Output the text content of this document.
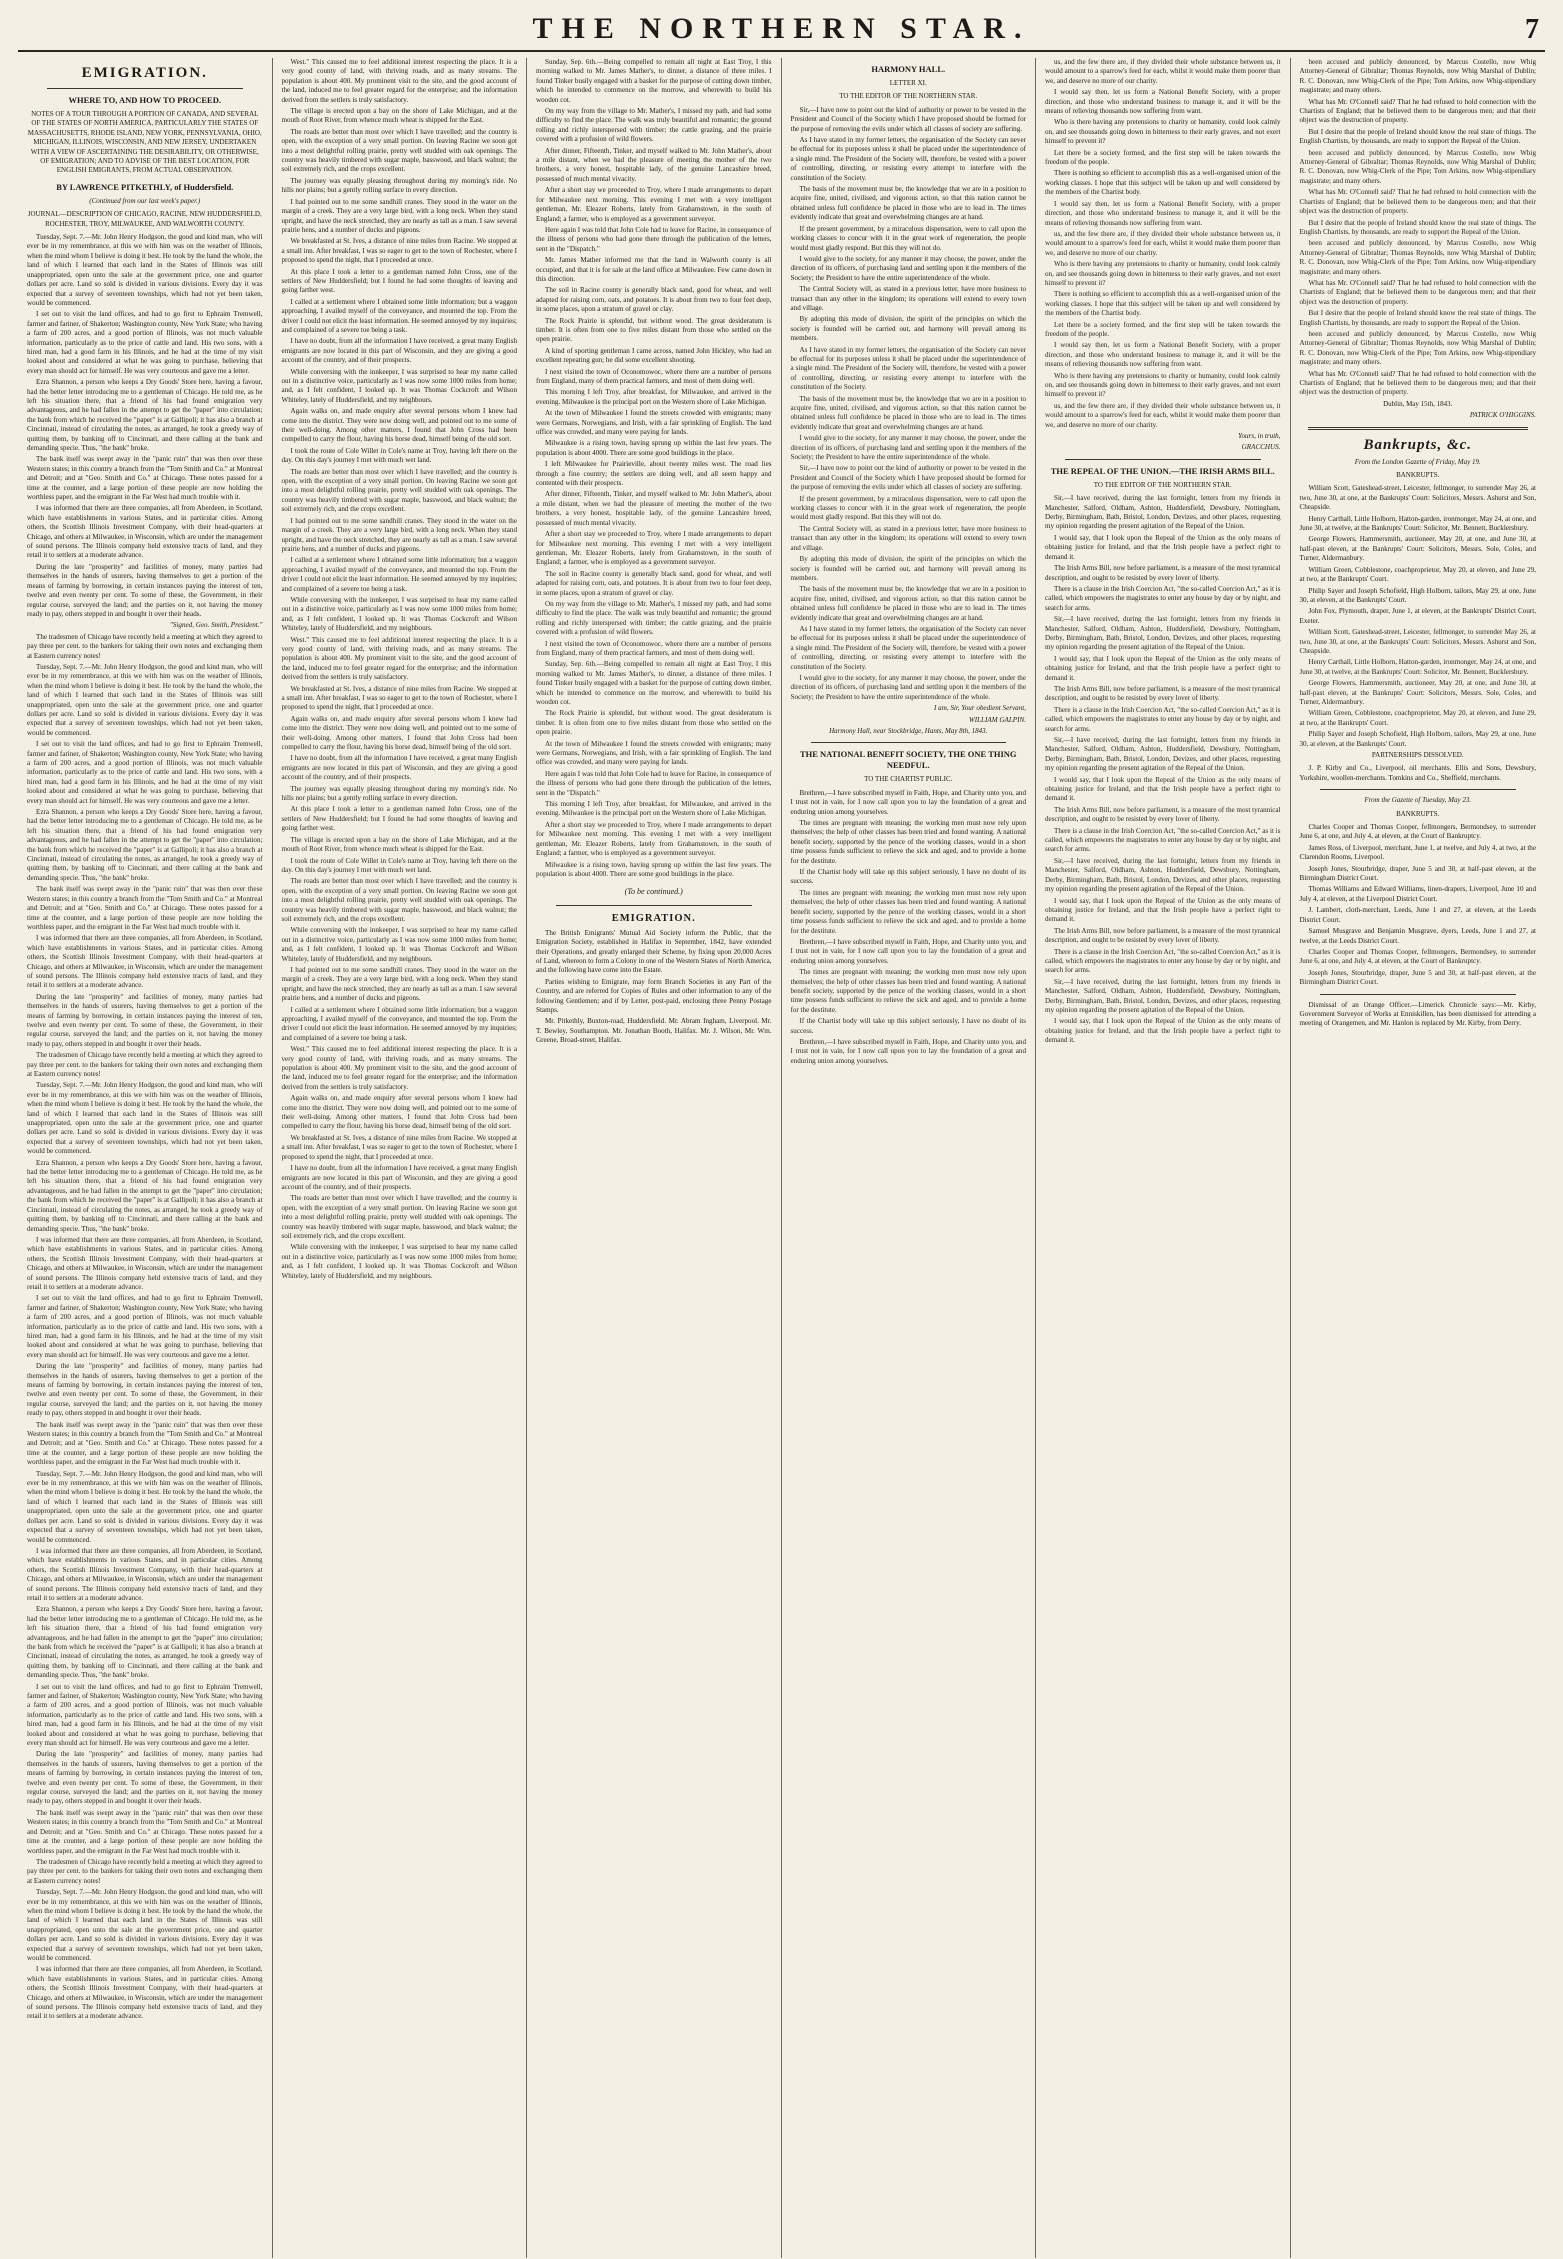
THE NORTHERN STAR.	7
EMIGRATION.
WHERE TO, AND HOW TO PROCEED.
NOTES OF A TOUR THROUGH A PORTION OF CANADA, AND SEVERAL OF THE STATES OF NORTH AMERICA, PARTICULARLY THE STATES OF MASSACHUSETTS, RHODE ISLAND, NEW YORK, PENNSYLVANIA, OHIO, MICHIGAN, ILLINOIS, WISCONSIN, AND NEW JERSEY, UNDERTAKEN WITH A VIEW OF ASCERTAINING THE DESIRABILITY, OR OTHERWISE, OF EMIGRATION; AND TO ADVISE OF THE BEST LOCATION, FOR ENGLISH EMIGRANTS, FROM ACTUAL OBSERVATION.
BY LAWRENCE PITKETHLY, of Huddersfield.
(Continued from our last week's paper.)
JOURNAL—DESCRIPTION OF CHICAGO, RACINE, NEW HUDDERSFIELD, ROCHESTER, TROY, MILWAUKEE, AND WALWORTH COUNTY.

Tuesday, Sept. 7.—Mr. John Henry Hodgson, the good and kind man, who will ever be in my remembrance, at this we with him was on the weather of Illinois, when the mind whom I believe is doing it best. He took by the hand the whole, the land of which I learned that each land in the States of Illinois was still unappropriated, open unto the sale at the government price, one and quarter dollars per acre. Land so sold is divided in various divisions. Every day it was expected that a survey of seventeen townships, which had not yet been taken, would be commenced.

I set out to visit the land offices, and had to go first to Ephraim Tremwell, farmer and fariner, of Shakerton; Washington county, New York State; who having a farm of 200 acres, and a good portion of Illinois, was not much valuable information, particularly as to the price of cattle and land. His two sons, with a hired man, had a good farm in his Illinois, and he had at the time of my visit looked about and considered at what he was going to purchase, believing that every man should act for himself. He was very courteous and gave me a letter.

Ezra Shannon, a person who keeps a Dry Goods' Store here, having a favour, had the better letter introducing me to a gentleman of Chicago. He told me, as he left his situation there, that a friend of his had found emigration very advantageous, and he had fallen in the attempt to get the "paper" into circulation; the bank from which he received the "paper" is at Gallipoli; it has also a branch at Cincinnati, instead of circulating the notes, as arranged, he took a greedy way of quitting them, by banking off to Cincinnati, and there calling at the bank and demanding specie. Thus, "the bank" broke.

The bank itself was swept away in the "panic ruin" that was then over these Western states; in this country a branch from the "Tom Smith and Co." at Montreal and Detroit; and at "Geo. Smith and Co." at Chicago. These notes passed for a time at the counter, and a large portion of these people are now holding the worthless paper, and the emigrant in the Far West had much trouble with it.

I was informed that there are three companies, all from Aberdeen, in Scotland, which have establishments in various States, and in particular cities. Among others, the Scottish Illinois Investment Company, with their head-quarters at Chicago, and others at Milwaukee, in Wisconsin, which are under the management of sound persons. The Illinois company held extensive tracts of land, and they retail it to settlers at a moderate advance.

During the late "prosperity" and facilities of money, many parties had themselves in the hands of usurers, having themselves to get a portion of the means of farming by borrowing, in certain instances paying the interest of ten, twelve and even twenty per cent. To some of these, the Government, in their regular course, surveyed the land; and the parties on it, not having the money ready to pay, others stepped in and bought it over their heads.

"Signed, Geo. Smith, President."

The tradesmen of Chicago have recently held a meeting at which they agreed to pay three per cent. to the bankers for taking their own notes and exchanging them at Eastern currency notes!

Tuesday, Sept. 7.—Mr. John Henry Hodgson, the good and kind man, who will ever be in my remembrance, at this we with him was on the weather of Illinois, when the mind whom I believe is doing it best. He took by the hand the whole, the land of which I learned that each land in the States of Illinois was still unappropriated, open unto the sale at the government price, one and quarter dollars per acre. Land so sold is divided in various divisions. Every day it was expected that a survey of seventeen townships, which had not yet been taken, would be commenced.

I set out to visit the land offices, and had to go first to Ephraim Tremwell, farmer and fariner, of Shakerton; Washington county, New York State; who having a farm of 200 acres, and a good portion of Illinois, was not much valuable information, particularly as to the price of cattle and land. His two sons, with a hired man, had a good farm in his Illinois, and he had at the time of my visit looked about and considered at what he was going to purchase, believing that every man should act for himself. He was very courteous and gave me a letter.

Ezra Shannon, a person who keeps a Dry Goods' Store here, having a favour, had the better letter introducing me to a gentleman of Chicago. He told me, as he left his situation there, that a friend of his had found emigration very advantageous, and he had fallen in the attempt to get the "paper" into circulation; the bank from which he received the "paper" is at Gallipoli; it has also a branch at Cincinnati, instead of circulating the notes, as arranged, he took a greedy way of quitting them, by banking off to Cincinnati, and there calling at the bank and demanding specie. Thus, "the bank" broke.

The bank itself was swept away in the "panic ruin" that was then over these Western states; in this country a branch from the "Tom Smith and Co." at Montreal and Detroit; and at "Geo. Smith and Co." at Chicago. These notes passed for a time at the counter, and a large portion of these people are now holding the worthless paper, and the emigrant in the Far West had much trouble with it.

I was informed that there are three companies, all from Aberdeen, in Scotland, which have establishments in various States, and in particular cities. Among others, the Scottish Illinois Investment Company, with their head-quarters at Chicago, and others at Milwaukee, in Wisconsin, which are under the management of sound persons. The Illinois company held extensive tracts of land, and they retail it to settlers at a moderate advance.

During the late "prosperity" and facilities of money, many parties had themselves in the hands of usurers, having themselves to get a portion of the means of farming by borrowing, in certain instances paying the interest of ten, twelve and even twenty per cent. To some of these, the Government, in their regular course, surveyed the land; and the parties on it, not having the money ready to pay, others stepped in and bought it over their heads.

The tradesmen of Chicago have recently held a meeting at which they agreed to pay three per cent. to the bankers for taking their own notes and exchanging them at Eastern currency notes!

Tuesday, Sept. 7.—Mr. John Henry Hodgson, the good and kind man, who will ever be in my remembrance, at this we with him was on the weather of Illinois, when the mind whom I believe is doing it best. He took by the hand the whole, the land of which I learned that each land in the States of Illinois was still unappropriated, open unto the sale at the government price, one and quarter dollars per acre. Land so sold is divided in various divisions. Every day it was expected that a survey of seventeen townships, which had not yet been taken, would be commenced.

Ezra Shannon, a person who keeps a Dry Goods' Store here, having a favour, had the better letter introducing me to a gentleman of Chicago. He told me, as he left his situation there, that a friend of his had found emigration very advantageous, and he had fallen in the attempt to get the "paper" into circulation; the bank from which he received the "paper" is at Gallipoli; it has also a branch at Cincinnati, instead of circulating the notes, as arranged, he took a greedy way of quitting them, by banking off to Cincinnati, and there calling at the bank and demanding specie. Thus, "the bank" broke.

I was informed that there are three companies, all from Aberdeen, in Scotland, which have establishments in various States, and in particular cities. Among others, the Scottish Illinois Investment Company, with their head-quarters at Chicago, and others at Milwaukee, in Wisconsin, which are under the management of sound persons. The Illinois company held extensive tracts of land, and they retail it to settlers at a moderate advance.

I set out to visit the land offices, and had to go first to Ephraim Tremwell, farmer and fariner, of Shakerton; Washington county, New York State; who having a farm of 200 acres, and a good portion of Illinois, was not much valuable information, particularly as to the price of cattle and land. His two sons, with a hired man, had a good farm in his Illinois, and he had at the time of my visit looked about and considered at what he was going to purchase, believing that every man should act for himself. He was very courteous and gave me a letter.

During the late "prosperity" and facilities of money, many parties had themselves in the hands of usurers, having themselves to get a portion of the means of farming by borrowing, in certain instances paying the interest of ten, twelve and even twenty per cent. To some of these, the Government, in their regular course, surveyed the land; and the parties on it, not having the money ready to pay, others stepped in and bought it over their heads.

The bank itself was swept away in the "panic ruin" that was then over these Western states; in this country a branch from the "Tom Smith and Co." at Montreal and Detroit; and at "Geo. Smith and Co." at Chicago. These notes passed for a time at the counter, and a large portion of these people are now holding the worthless paper, and the emigrant in the Far West had much trouble with it.

Tuesday, Sept. 7.—Mr. John Henry Hodgson, the good and kind man, who will ever be in my remembrance, at this we with him was on the weather of Illinois, when the mind whom I believe is doing it best. He took by the hand the whole, the land of which I learned that each land in the States of Illinois was still unappropriated, open unto the sale at the government price, one and quarter dollars per acre. Land so sold is divided in various divisions. Every day it was expected that a survey of seventeen townships, which had not yet been taken, would be commenced.

I was informed that there are three companies, all from Aberdeen, in Scotland, which have establishments in various States, and in particular cities. Among others, the Scottish Illinois Investment Company, with their head-quarters at Chicago, and others at Milwaukee, in Wisconsin, which are under the management of sound persons. The Illinois company held extensive tracts of land, and they retail it to settlers at a moderate advance.

Ezra Shannon, a person who keeps a Dry Goods' Store here, having a favour, had the better letter introducing me to a gentleman of Chicago. He told me, as he left his situation there, that a friend of his had found emigration very advantageous, and he had fallen in the attempt to get the "paper" into circulation; the bank from which he received the "paper" is at Gallipoli; it has also a branch at Cincinnati, instead of circulating the notes, as arranged, he took a greedy way of quitting them, by banking off to Cincinnati, and there calling at the bank and demanding specie. Thus, "the bank" broke.

I set out to visit the land offices, and had to go first to Ephraim Tremwell, farmer and fariner, of Shakerton; Washington county, New York State; who having a farm of 200 acres, and a good portion of Illinois, was not much valuable information, particularly as to the price of cattle and land. His two sons, with a hired man, had a good farm in his Illinois, and he had at the time of my visit looked about and considered at what he was going to purchase, believing that every man should act for himself. He was very courteous and gave me a letter.

During the late "prosperity" and facilities of money, many parties had themselves in the hands of usurers, having themselves to get a portion of the means of farming by borrowing, in certain instances paying the interest of ten, twelve and even twenty per cent. To some of these, the Government, in their regular course, surveyed the land; and the parties on it, not having the money ready to pay, others stepped in and bought it over their heads.

The bank itself was swept away in the "panic ruin" that was then over these Western states; in this country a branch from the "Tom Smith and Co." at Montreal and Detroit; and at "Geo. Smith and Co." at Chicago. These notes passed for a time at the counter, and a large portion of these people are now holding the worthless paper, and the emigrant in the Far West had much trouble with it.

The tradesmen of Chicago have recently held a meeting at which they agreed to pay three per cent. to the bankers for taking their own notes and exchanging them at Eastern currency notes!

Tuesday, Sept. 7.—Mr. John Henry Hodgson, the good and kind man, who will ever be in my remembrance, at this we with him was on the weather of Illinois, when the mind whom I believe is doing it best. He took by the hand the whole, the land of which I learned that each land in the States of Illinois was still unappropriated, open unto the sale at the government price, one and quarter dollars per acre. Land so sold is divided in various divisions. Every day it was expected that a survey of seventeen townships, which had not yet been taken, would be commenced.

I was informed that there are three companies, all from Aberdeen, in Scotland, which have establishments in various States, and in particular cities. Among others, the Scottish Illinois Investment Company, with their head-quarters at Chicago, and others at Milwaukee, in Wisconsin, which are under the management of sound persons. The Illinois company held extensive tracts of land, and they retail it to settlers at a moderate advance.

West." This caused me to feel additional interest respecting the place. It is a very good county of land, with thriving roads, and as many streams. The population is about 400. My prominent visit to the site, and the good account of the land, induced me to feel greater regard for the enterprise; and the information derived from the settlers is truly satisfactory.

The village is erected upon a bay on the shore of Lake Michigan, and at the mouth of Root River, from whence much wheat is shipped for the East.

The roads are better than most over which I have travelled; and the country is open, with the exception of a very small portion. On leaving Racine we soon got into a most delightful rolling prairie, pretty well studded with oak openings. The country was heavily timbered with sugar maple, basswood, and black walnut; the soil extremely rich, and the crops excellent.

The journey was equally pleasing throughout during my morning's ride. No hills nor plains; but a gently rolling surface in every direction.

I had pointed out to me some sandhill cranes. They stood in the water on the margin of a creek. They are a very large bird, with a long neck. When they stand upright, and have the neck stretched, they are nearly as tall as a man. I saw several prairie hens, and a number of ducks and pigeons.

We breakfasted at St. Ives, a distance of nine miles from Racine. We stopped at a small inn. After breakfast, I was so eager to get to the town of Rochester, where I proposed to spend the night, that I proceeded at once.

At this place I took a letter to a gentleman named John Cross, one of the settlers of New Huddersfield; but I found he had some thoughts of leaving and going farther west.

I called at a settlement where I obtained some little information; but a waggon approaching, I availed myself of the conveyance, and mounted the top. From the driver I could not elicit the least information. He seemed annoyed by my inquiries; and complained of a severe toe being a task.

I have no doubt, from all the information I have received, a great many English emigrants are now located in this part of Wisconsin, and they are giving a good account of the country, and of their prospects.

While conversing with the innkeeper, I was surprised to hear my name called out in a distinctive voice, particularly as I was now some 1000 miles from home; and, as I felt confident, I looked up. It was Thomas Cockcroft and Wilson Whiteley, lately of Huddersfield, and my neighbours.

Again walks on, and made enquiry after several persons whom I knew had come into the district. They were now doing well, and pointed out to me some of their well-doing. Among other matters, I found that John Cross had been compelled to carry the flour, having his horse dead, himself being of the old sort.

I took the route of Cole Willet in Cole's name at Troy, having left there on the day. On this day's journey I met with much wet land.

The roads are better than most over which I have travelled; and the country is open, with the exception of a very small portion. On leaving Racine we soon got into a most delightful rolling prairie, pretty well studded with oak openings. The country was heavily timbered with sugar maple, basswood, and black walnut; the soil extremely rich, and the crops excellent.

I had pointed out to me some sandhill cranes. They stood in the water on the margin of a creek. They are a very large bird, with a long neck. When they stand upright, and have the neck stretched, they are nearly as tall as a man. I saw several prairie hens, and a number of ducks and pigeons.

I called at a settlement where I obtained some little information; but a waggon approaching, I availed myself of the conveyance, and mounted the top. From the driver I could not elicit the least information. He seemed annoyed by my inquiries; and complained of a severe toe being a task.

While conversing with the innkeeper, I was surprised to hear my name called out in a distinctive voice, particularly as I was now some 1000 miles from home; and, as I felt confident, I looked up. It was Thomas Cockcroft and Wilson Whiteley, lately of Huddersfield, and my neighbours.

West." This caused me to feel additional interest respecting the place. It is a very good county of land, with thriving roads, and as many streams. The population is about 400. My prominent visit to the site, and the good account of the land, induced me to feel greater regard for the enterprise; and the information derived from the settlers is truly satisfactory.

We breakfasted at St. Ives, a distance of nine miles from Racine. We stopped at a small inn. After breakfast, I was so eager to get to the town of Rochester, where I proposed to spend the night, that I proceeded at once.

Again walks on, and made enquiry after several persons whom I knew had come into the district. They were now doing well, and pointed out to me some of their well-doing. Among other matters, I found that John Cross had been compelled to carry the flour, having his horse dead, himself being of the old sort.

I have no doubt, from all the information I have received, a great many English emigrants are now located in this part of Wisconsin, and they are giving a good account of the country, and of their prospects.

The journey was equally pleasing throughout during my morning's ride. No hills nor plains; but a gently rolling surface in every direction.

At this place I took a letter to a gentleman named John Cross, one of the settlers of New Huddersfield; but I found he had some thoughts of leaving and going farther west.

The village is erected upon a bay on the shore of Lake Michigan, and at the mouth of Root River, from whence much wheat is shipped for the East.

I took the route of Cole Willet in Cole's name at Troy, having left there on the day. On this day's journey I met with much wet land.

The roads are better than most over which I have travelled; and the country is open, with the exception of a very small portion. On leaving Racine we soon got into a most delightful rolling prairie, pretty well studded with oak openings. The country was heavily timbered with sugar maple, basswood, and black walnut; the soil extremely rich, and the crops excellent.

While conversing with the innkeeper, I was surprised to hear my name called out in a distinctive voice, particularly as I was now some 1000 miles from home; and, as I felt confident, I looked up. It was Thomas Cockcroft and Wilson Whiteley, lately of Huddersfield, and my neighbours.

I had pointed out to me some sandhill cranes. They stood in the water on the margin of a creek. They are a very large bird, with a long neck. When they stand upright, and have the neck stretched, they are nearly as tall as a man. I saw several prairie hens, and a number of ducks and pigeons.

I called at a settlement where I obtained some little information; but a waggon approaching, I availed myself of the conveyance, and mounted the top. From the driver I could not elicit the least information. He seemed annoyed by my inquiries; and complained of a severe toe being a task.

West." This caused me to feel additional interest respecting the place. It is a very good county of land, with thriving roads, and as many streams. The population is about 400. My prominent visit to the site, and the good account of the land, induced me to feel greater regard for the enterprise; and the information derived from the settlers is truly satisfactory.

Again walks on, and made enquiry after several persons whom I knew had come into the district. They were now doing well, and pointed out to me some of their well-doing. Among other matters, I found that John Cross had been compelled to carry the flour, having his horse dead, himself being of the old sort.

We breakfasted at St. Ives, a distance of nine miles from Racine. We stopped at a small inn. After breakfast, I was so eager to get to the town of Rochester, where I proposed to spend the night, that I proceeded at once.

I have no doubt, from all the information I have received, a great many English emigrants are now located in this part of Wisconsin, and they are giving a good account of the country, and of their prospects.

The roads are better than most over which I have travelled; and the country is open, with the exception of a very small portion. On leaving Racine we soon got into a most delightful rolling prairie, pretty well studded with oak openings. The country was heavily timbered with sugar maple, basswood, and black walnut; the soil extremely rich, and the crops excellent.

While conversing with the innkeeper, I was surprised to hear my name called out in a distinctive voice, particularly as I was now some 1000 miles from home; and, as I felt confident, I looked up. It was Thomas Cockcroft and Wilson Whiteley, lately of Huddersfield, and my neighbours.

Sunday, Sep. 6th.—Being compelled to remain all night at East Troy, I this morning walked to Mr. James Mather's, to dinner, a distance of three miles. I found Tinker busily engaged with a basket for the purpose of cutting down timber, which he intended to commence on the morrow, and wherewith to build his wooden cot.

On my way from the village to Mr. Mather's, I missed my path, and had some difficulty to find the place. The walk was truly beautiful and romantic; the ground rolling and richly interspersed with timber; the cattle grazing, and the prairie covered with a profusion of wild flowers.

After dinner, Fifteenth, Tinker, and myself walked to Mr. John Mather's, about a mile distant, when we had the pleasure of meeting the mother of the two brothers, a very honest, hospitable lady, of the genuine Lancashire breed, possessed of much mental vivacity.

After a short stay we proceeded to Troy, where I made arrangements to depart for Milwaukee next morning. This evening I met with a very intelligent gentleman, Mr. Eleazer Roberts, lately from Grahamstown, in the south of England; a farmer, who is employed as a government surveyor.

Here again I was told that John Cole had to leave for Racine, in consequence of the illness of persons who had gone there through the publication of the letters, sent in the "Dispatch."

Mr. James Mather informed me that the land in Walworth county is all occupied, and that it is for sale at the land office at Milwaukee. Few came down in this direction.

The soil in Racine county is generally black sand, good for wheat, and well adapted for raising corn, oats, and potatoes. It is about from two to four feet deep, in some places, upon a stratum of gravel or clay.

The Rock Prairie is splendid, but without wood. The great desideratum is timber. It is often from one to five miles distant from those who settled on the open prairie.

A kind of sporting gentleman I came across, named John Hickley, who had an excellent repeating gun; he did some excellent shooting.

I next visited the town of Oconomowoc, where there are a number of persons from England, many of them practical farmers, and most of them doing well.

This morning I left Troy, after breakfast, for Milwaukee, and arrived in the evening. Milwaukee is the principal port on the Western shore of Lake Michigan.

At the town of Milwaukee I found the streets crowded with emigrants; many were Germans, Norwegians, and Irish, with a fair sprinkling of English. The land office was crowded, and many were paying for lands.

Milwaukee is a rising town, having sprung up within the last few years. The population is about 4000. There are some good buildings in the place.

I left Milwaukee for Prairieville, about twenty miles west. The road lies through a fine country; the settlers are doing well, and all seem happy and contented with their prospects.

After dinner, Fifteenth, Tinker, and myself walked to Mr. John Mather's, about a mile distant, when we had the pleasure of meeting the mother of the two brothers, a very honest, hospitable lady, of the genuine Lancashire breed, possessed of much mental vivacity.

After a short stay we proceeded to Troy, where I made arrangements to depart for Milwaukee next morning. This evening I met with a very intelligent gentleman, Mr. Eleazer Roberts, lately from Grahamstown, in the south of England; a farmer, who is employed as a government surveyor.

The soil in Racine county is generally black sand, good for wheat, and well adapted for raising corn, oats, and potatoes. It is about from two to four feet deep, in some places, upon a stratum of gravel or clay.

On my way from the village to Mr. Mather's, I missed my path, and had some difficulty to find the place. The walk was truly beautiful and romantic; the ground rolling and richly interspersed with timber; the cattle grazing, and the prairie covered with a profusion of wild flowers.

I next visited the town of Oconomowoc, where there are a number of persons from England, many of them practical farmers, and most of them doing well.

Sunday, Sep. 6th.—Being compelled to remain all night at East Troy, I this morning walked to Mr. James Mather's, to dinner, a distance of three miles. I found Tinker busily engaged with a basket for the purpose of cutting down timber, which he intended to commence on the morrow, and wherewith to build his wooden cot.

The Rock Prairie is splendid, but without wood. The great desideratum is timber. It is often from one to five miles distant from those who settled on the open prairie.

At the town of Milwaukee I found the streets crowded with emigrants; many were Germans, Norwegians, and Irish, with a fair sprinkling of English. The land office was crowded, and many were paying for lands.

Here again I was told that John Cole had to leave for Racine, in consequence of the illness of persons who had gone there through the publication of the letters, sent in the "Dispatch."

This morning I left Troy, after breakfast, for Milwaukee, and arrived in the evening. Milwaukee is the principal port on the Western shore of Lake Michigan.

After a short stay we proceeded to Troy, where I made arrangements to depart for Milwaukee next morning. This evening I met with a very intelligent gentleman, Mr. Eleazer Roberts, lately from Grahamstown, in the south of England; a farmer, who is employed as a government surveyor.

Milwaukee is a rising town, having sprung up within the last few years. The population is about 4000. There are some good buildings in the place.

(To be continued.)
EMIGRATION.

The British Emigrants' Mutual Aid Society inform the Public, that the Emigration Society, established in Halifax in September, 1842, have extended their Operations, and greatly enlarged their Scheme, by fixing upon 20,000 Acres of Land, whereon to form a Colony in one of the Western States of North America, and the following have come into the Estate.

Parties wishing to Emigrate, may form Branch Societies in any Part of the Country, and are referred for Copies of Rules and other information to any of the following Gentlemen; and if by Letter, post-paid, enclosing three Penny Postage Stamps.

Mr. Pitkethly, Buxton-road, Huddersfield. Mr. Abram Ingham, Liverpool. Mr. T. Bewley, Southampton. Mr. Jonathan Booth, Halifax. Mr. J. Wilson, Mr. Wm. Greene, Broad-street, Halifax.

HARMONY HALL.
LETTER XI.
TO THE EDITOR OF THE NORTHERN STAR.

Sir,—I have now to point out the kind of authority or power to be vested in the President and Council of the Society which I have proposed should be formed for the purpose of removing the evils under which all classes of society are suffering.

As I have stated in my former letters, the organisation of the Society can never be effectual for its purposes unless it shall be placed under the superintendence of a single mind. The President of the Society will, therefore, be vested with a power of controlling, directing, or resisting every attempt to interfere with the constitution of the Society.

The basis of the movement must be, the knowledge that we are in a position to acquire fine, united, civilised, and vigorous action, so that this nation cannot be obtained unless full confidence be placed in those who are to lead in. The times evidently indicate that great and overwhelming changes are at hand.

If the present government, by a miraculous dispensation, were to call upon the working classes to concur with it in the great work of regeneration, the people would most gladly respond. But this they will not do.

I would give to the society, for any manner it may choose, the power, under the direction of its officers, of purchasing land and settling upon it the members of the Society; the President to have the entire superintendence of the whole.

The Central Society will, as stated in a previous letter, have more business to transact than any other in the kingdom; its operations will extend to every town and village.

By adopting this mode of division, the spirit of the principles on which the society is founded will be carried out, and harmony will prevail among its members.

As I have stated in my former letters, the organisation of the Society can never be effectual for its purposes unless it shall be placed under the superintendence of a single mind. The President of the Society will, therefore, be vested with a power of controlling, directing, or resisting every attempt to interfere with the constitution of the Society.

The basis of the movement must be, the knowledge that we are in a position to acquire fine, united, civilised, and vigorous action, so that this nation cannot be obtained unless full confidence be placed in those who are to lead in. The times evidently indicate that great and overwhelming changes are at hand.

I would give to the society, for any manner it may choose, the power, under the direction of its officers, of purchasing land and settling upon it the members of the Society; the President to have the entire superintendence of the whole.

Sir,—I have now to point out the kind of authority or power to be vested in the President and Council of the Society which I have proposed should be formed for the purpose of removing the evils under which all classes of society are suffering.

If the present government, by a miraculous dispensation, were to call upon the working classes to concur with it in the great work of regeneration, the people would most gladly respond. But this they will not do.

The Central Society will, as stated in a previous letter, have more business to transact than any other in the kingdom; its operations will extend to every town and village.

By adopting this mode of division, the spirit of the principles on which the society is founded will be carried out, and harmony will prevail among its members.

The basis of the movement must be, the knowledge that we are in a position to acquire fine, united, civilised, and vigorous action, so that this nation cannot be obtained unless full confidence be placed in those who are to lead in. The times evidently indicate that great and overwhelming changes are at hand.

As I have stated in my former letters, the organisation of the Society can never be effectual for its purposes unless it shall be placed under the superintendence of a single mind. The President of the Society will, therefore, be vested with a power of controlling, directing, or resisting every attempt to interfere with the constitution of the Society.

I would give to the society, for any manner it may choose, the power, under the direction of its officers, of purchasing land and settling upon it the members of the Society; the President to have the entire superintendence of the whole.

I am, Sir, Your obedient Servant,

WILLIAM GALPIN.

Harmony Hall, near Stockbridge, Hants, May 8th, 1843.

THE NATIONAL BENEFIT SOCIETY, THE ONE THING NEEDFUL.
TO THE CHARTIST PUBLIC.

Brethren,—I have subscribed myself in Faith, Hope, and Charity unto you, and I trust not in vain, for I now call upon you to lay the foundation of a great and enduring union among yourselves.

The times are pregnant with meaning; the working men must now rely upon themselves; the help of other classes has been tried and found wanting. A national benefit society, supported by the pence of the working classes, would in a short time possess funds sufficient to relieve the sick and aged, and to provide a home for the destitute.

If the Chartist body will take up this subject seriously, I have no doubt of its success.

The times are pregnant with meaning; the working men must now rely upon themselves; the help of other classes has been tried and found wanting. A national benefit society, supported by the pence of the working classes, would in a short time possess funds sufficient to relieve the sick and aged, and to provide a home for the destitute.

Brethren,—I have subscribed myself in Faith, Hope, and Charity unto you, and I trust not in vain, for I now call upon you to lay the foundation of a great and enduring union among yourselves.

The times are pregnant with meaning; the working men must now rely upon themselves; the help of other classes has been tried and found wanting. A national benefit society, supported by the pence of the working classes, would in a short time possess funds sufficient to relieve the sick and aged, and to provide a home for the destitute.

If the Chartist body will take up this subject seriously, I have no doubt of its success.

Brethren,—I have subscribed myself in Faith, Hope, and Charity unto you, and I trust not in vain, for I now call upon you to lay the foundation of a great and enduring union among yourselves.

us, and the few there are, if they divided their whole substance between us, it would amount to a sparrow's feed for each, whilst it would make them poorer than we, and deserve no more of our charity.

I would say then, let us form a National Benefit Society, with a proper direction, and those who understand business to manage it, and it will be the means of relieving thousands now suffering from want.

Who is there having any pretensions to charity or humanity, could look calmly on, and see thousands going down in bitterness to their early graves, and not exert himself to prevent it?

Let there be a society formed, and the first step will be taken towards the freedom of the people.

There is nothing so efficient to accomplish this as a well-organised union of the working classes. I hope that this subject will be taken up and well considered by the members of the Chartist body.

I would say then, let us form a National Benefit Society, with a proper direction, and those who understand business to manage it, and it will be the means of relieving thousands now suffering from want.

us, and the few there are, if they divided their whole substance between us, it would amount to a sparrow's feed for each, whilst it would make them poorer than we, and deserve no more of our charity.

Who is there having any pretensions to charity or humanity, could look calmly on, and see thousands going down in bitterness to their early graves, and not exert himself to prevent it?

There is nothing so efficient to accomplish this as a well-organised union of the working classes. I hope that this subject will be taken up and well considered by the members of the Chartist body.

Let there be a society formed, and the first step will be taken towards the freedom of the people.

I would say then, let us form a National Benefit Society, with a proper direction, and those who understand business to manage it, and it will be the means of relieving thousands now suffering from want.

Who is there having any pretensions to charity or humanity, could look calmly on, and see thousands going down in bitterness to their early graves, and not exert himself to prevent it?

us, and the few there are, if they divided their whole substance between us, it would amount to a sparrow's feed for each, whilst it would make them poorer than we, and deserve no more of our charity.

Yours, in truth,

GRACCHUS.

THE REPEAL OF THE UNION.—THE IRISH ARMS BILL.
TO THE EDITOR OF THE NORTHERN STAR.

Sir,—I have received, during the last fortnight, letters from my friends in Manchester, Salford, Oldham, Ashton, Huddersfield, Dewsbury, Nottingham, Derby, Birmingham, Bath, Bristol, London, Devizes, and other places, requesting my opinion regarding the present agitation of the Repeal of the Union.

I would say, that I look upon the Repeal of the Union as the only means of obtaining justice for Ireland, and that the Irish people have a perfect right to demand it.

The Irish Arms Bill, now before parliament, is a measure of the most tyrannical description, and ought to be resisted by every lover of liberty.

There is a clause in the Irish Coercion Act, "the so-called Coercion Act," as it is called, which empowers the magistrates to enter any house by day or by night, and search for arms.

Sir,—I have received, during the last fortnight, letters from my friends in Manchester, Salford, Oldham, Ashton, Huddersfield, Dewsbury, Nottingham, Derby, Birmingham, Bath, Bristol, London, Devizes, and other places, requesting my opinion regarding the present agitation of the Repeal of the Union.

I would say, that I look upon the Repeal of the Union as the only means of obtaining justice for Ireland, and that the Irish people have a perfect right to demand it.

The Irish Arms Bill, now before parliament, is a measure of the most tyrannical description, and ought to be resisted by every lover of liberty.

There is a clause in the Irish Coercion Act, "the so-called Coercion Act," as it is called, which empowers the magistrates to enter any house by day or by night, and search for arms.

Sir,—I have received, during the last fortnight, letters from my friends in Manchester, Salford, Oldham, Ashton, Huddersfield, Dewsbury, Nottingham, Derby, Birmingham, Bath, Bristol, London, Devizes, and other places, requesting my opinion regarding the present agitation of the Repeal of the Union.

I would say, that I look upon the Repeal of the Union as the only means of obtaining justice for Ireland, and that the Irish people have a perfect right to demand it.

The Irish Arms Bill, now before parliament, is a measure of the most tyrannical description, and ought to be resisted by every lover of liberty.

There is a clause in the Irish Coercion Act, "the so-called Coercion Act," as it is called, which empowers the magistrates to enter any house by day or by night, and search for arms.

Sir,—I have received, during the last fortnight, letters from my friends in Manchester, Salford, Oldham, Ashton, Huddersfield, Dewsbury, Nottingham, Derby, Birmingham, Bath, Bristol, London, Devizes, and other places, requesting my opinion regarding the present agitation of the Repeal of the Union.

I would say, that I look upon the Repeal of the Union as the only means of obtaining justice for Ireland, and that the Irish people have a perfect right to demand it.

The Irish Arms Bill, now before parliament, is a measure of the most tyrannical description, and ought to be resisted by every lover of liberty.

There is a clause in the Irish Coercion Act, "the so-called Coercion Act," as it is called, which empowers the magistrates to enter any house by day or by night, and search for arms.

Sir,—I have received, during the last fortnight, letters from my friends in Manchester, Salford, Oldham, Ashton, Huddersfield, Dewsbury, Nottingham, Derby, Birmingham, Bath, Bristol, London, Devizes, and other places, requesting my opinion regarding the present agitation of the Repeal of the Union.

I would say, that I look upon the Repeal of the Union as the only means of obtaining justice for Ireland, and that the Irish people have a perfect right to demand it.

been accused and publicly denounced, by Marcus Costello, now Whig Attorney-General of Gibraltar; Thomas Reynolds, now Whig Marshal of Dublin; R. C. Donovan, now Whig-Clerk of the Pipe; Tom Arkins, now Whig-stipendiary magistrate; and many others.

What has Mr. O'Connell said? That he had refused to hold connection with the Chartists of England; that he believed them to be dangerous men; and that their object was the destruction of property.

But I desire that the people of Ireland should know the real state of things. The English Chartists, by thousands, are ready to support the Repeal of the Union.

been accused and publicly denounced, by Marcus Costello, now Whig Attorney-General of Gibraltar; Thomas Reynolds, now Whig Marshal of Dublin; R. C. Donovan, now Whig-Clerk of the Pipe; Tom Arkins, now Whig-stipendiary magistrate; and many others.

What has Mr. O'Connell said? That he had refused to hold connection with the Chartists of England; that he believed them to be dangerous men; and that their object was the destruction of property.

But I desire that the people of Ireland should know the real state of things. The English Chartists, by thousands, are ready to support the Repeal of the Union.

been accused and publicly denounced, by Marcus Costello, now Whig Attorney-General of Gibraltar; Thomas Reynolds, now Whig Marshal of Dublin; R. C. Donovan, now Whig-Clerk of the Pipe; Tom Arkins, now Whig-stipendiary magistrate; and many others.

What has Mr. O'Connell said? That he had refused to hold connection with the Chartists of England; that he believed them to be dangerous men; and that their object was the destruction of property.

But I desire that the people of Ireland should know the real state of things. The English Chartists, by thousands, are ready to support the Repeal of the Union.

been accused and publicly denounced, by Marcus Costello, now Whig Attorney-General of Gibraltar; Thomas Reynolds, now Whig Marshal of Dublin; R. C. Donovan, now Whig-Clerk of the Pipe; Tom Arkins, now Whig-stipendiary magistrate; and many others.

What has Mr. O'Connell said? That he had refused to hold connection with the Chartists of England; that he believed them to be dangerous men; and that their object was the destruction of property.

Dublin, May 15th, 1843.

PATRICK O'HIGGINS.

Bankrupts, &c.
From the London Gazette of Friday, May 19.
BANKRUPTS.

William Scott, Gateshead-street, Leicester, fellmonger, to surrender May 26, at two, June 30, at one, at the Bankrupts' Court: Solicitors, Messrs. Ashurst and Son, Cheapside.

Henry Carthall, Little Holborn, Hatton-garden, ironmonger, May 24, at one, and June 30, at twelve, at the Bankrupts' Court: Solicitor, Mr. Bennett, Bucklersbury.

George Flowers, Hammersmith, auctioneer, May 20, at one, and June 30, at half-past eleven, at the Bankrupts' Court: Solicitors, Messrs. Sole, Coles, and Turner, Aldermanbury.

William Green, Cobblestone, coachproprietor, May 20, at eleven, and June 29, at two, at the Bankrupts' Court.

Philip Sayer and Joseph Schofield, High Holborn, tailors, May 29, at one, June 30, at eleven, at the Bankrupts' Court.

John Fox, Plymouth, draper, June 1, at eleven, at the Bankrupts' District Court, Exeter.

William Scott, Gateshead-street, Leicester, fellmonger, to surrender May 26, at two, June 30, at one, at the Bankrupts' Court: Solicitors, Messrs. Ashurst and Son, Cheapside.

Henry Carthall, Little Holborn, Hatton-garden, ironmonger, May 24, at one, and June 30, at twelve, at the Bankrupts' Court: Solicitor, Mr. Bennett, Bucklersbury.

George Flowers, Hammersmith, auctioneer, May 20, at one, and June 30, at half-past eleven, at the Bankrupts' Court: Solicitors, Messrs. Sole, Coles, and Turner, Aldermanbury.

William Green, Cobblestone, coachproprietor, May 20, at eleven, and June 29, at two, at the Bankrupts' Court.

Philip Sayer and Joseph Schofield, High Holborn, tailors, May 29, at one, June 30, at eleven, at the Bankrupts' Court.

PARTNERSHIPS DISSOLVED.

J. P. Kirby and Co., Liverpool, oil merchants. Ellis and Sons, Dewsbury, Yorkshire, woollen-merchants. Tomkins and Co., Sheffield, merchants.

From the Gazette of Tuesday, May 23.
BANKRUPTS.

Charles Cooper and Thomas Cooper, fellmongers, Bermondsey, to surrender June 6, at one, and July 4, at eleven, at the Court of Bankruptcy.

James Ross, of Liverpool, merchant, June 1, at twelve, and July 4, at two, at the Clarendon Rooms, Liverpool.

Joseph Jones, Stourbridge, draper, June 5 and 30, at half-past eleven, at the Birmingham District Court.

Thomas Williams and Edward Williams, linen-drapers, Liverpool, June 10 and July 4, at eleven, at the Liverpool District Court.

J. Lambert, cloth-merchant, Leeds, June 1 and 27, at eleven, at the Leeds District Court.

Samuel Musgrave and Benjamin Musgrave, dyers, Leeds, June 1 and 27, at twelve, at the Leeds District Court.

Charles Cooper and Thomas Cooper, fellmongers, Bermondsey, to surrender June 6, at one, and July 4, at eleven, at the Court of Bankruptcy.

Joseph Jones, Stourbridge, draper, June 5 and 30, at half-past eleven, at the Birmingham District Court.

Dismissal of an Orange Officer.—Limerick Chronicle says:—Mr. Kirby, Government Surveyor of Works at Enniskillen, has been dismissed for attending a meeting of Orangemen, and Mr. Hanlon is replaced by Mr. Kirby, from Derry.
